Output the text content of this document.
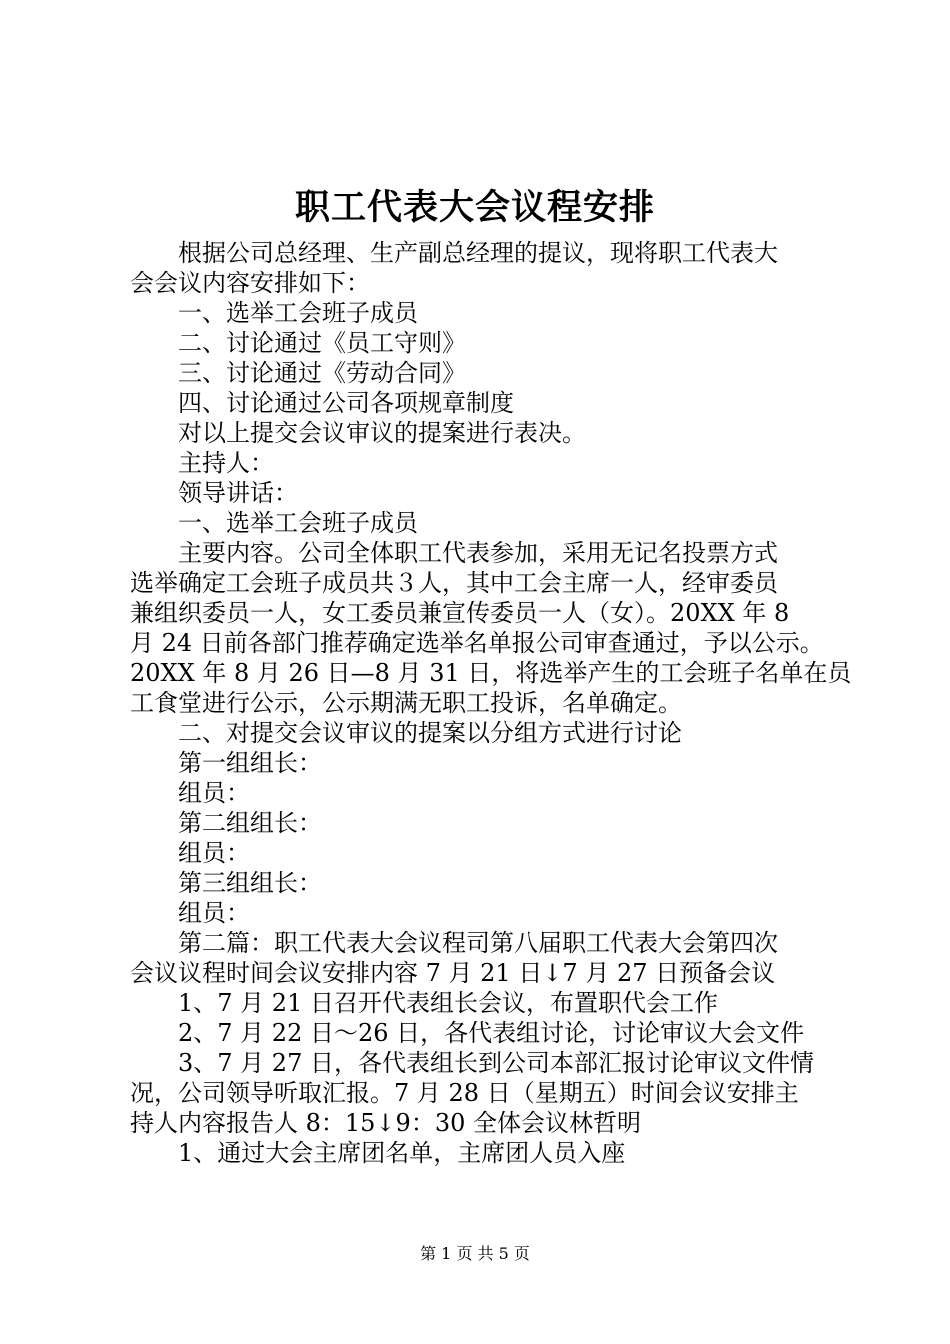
职工代表大会议程安排
　　根据公司总经理、生产副总经理的提议，现将职工代表大
会会议内容安排如下：
　　一、选举工会班子成员
　　二、讨论通过《员工守则》
　　三、讨论通过《劳动合同》
　　四、讨论通过公司各项规章制度
　　对以上提交会议审议的提案进行表决。
　　主持人：
　　领导讲话：
　　一、选举工会班子成员
　　主要内容。公司全体职工代表参加，采用无记名投票方式
选举确定工会班子成员共３人，其中工会主席一人，经审委员
兼组织委员一人，女工委员兼宣传委员一人（女）。20XX 年 8
月 24 日前各部门推荐确定选举名单报公司审查通过，予以公示。
20XX 年 8 月 26 日—8 月 31 日，将选举产生的工会班子名单在员
工食堂进行公示，公示期满无职工投诉，名单确定。
　　二、对提交会议审议的提案以分组方式进行讨论
　　第一组组长：
　　组员：
　　第二组组长：
　　组员：
　　第三组组长：
　　组员：
　　第二篇：职工代表大会议程司第八届职工代表大会第四次
会议议程时间会议安排内容 7 月 21 日↓7 月 27 日预备会议
　　1、7 月 21 日召开代表组长会议，布置职代会工作
　　2、7 月 22 日～26 日，各代表组讨论，讨论审议大会文件
　　3、7 月 27 日，各代表组长到公司本部汇报讨论审议文件情
况，公司领导听取汇报。7 月 28 日（星期五）时间会议安排主
持人内容报告人 8：15↓9：30 全体会议林哲明
　　1、通过大会主席团名单，主席团人员入座
第 1 页 共 5 页
